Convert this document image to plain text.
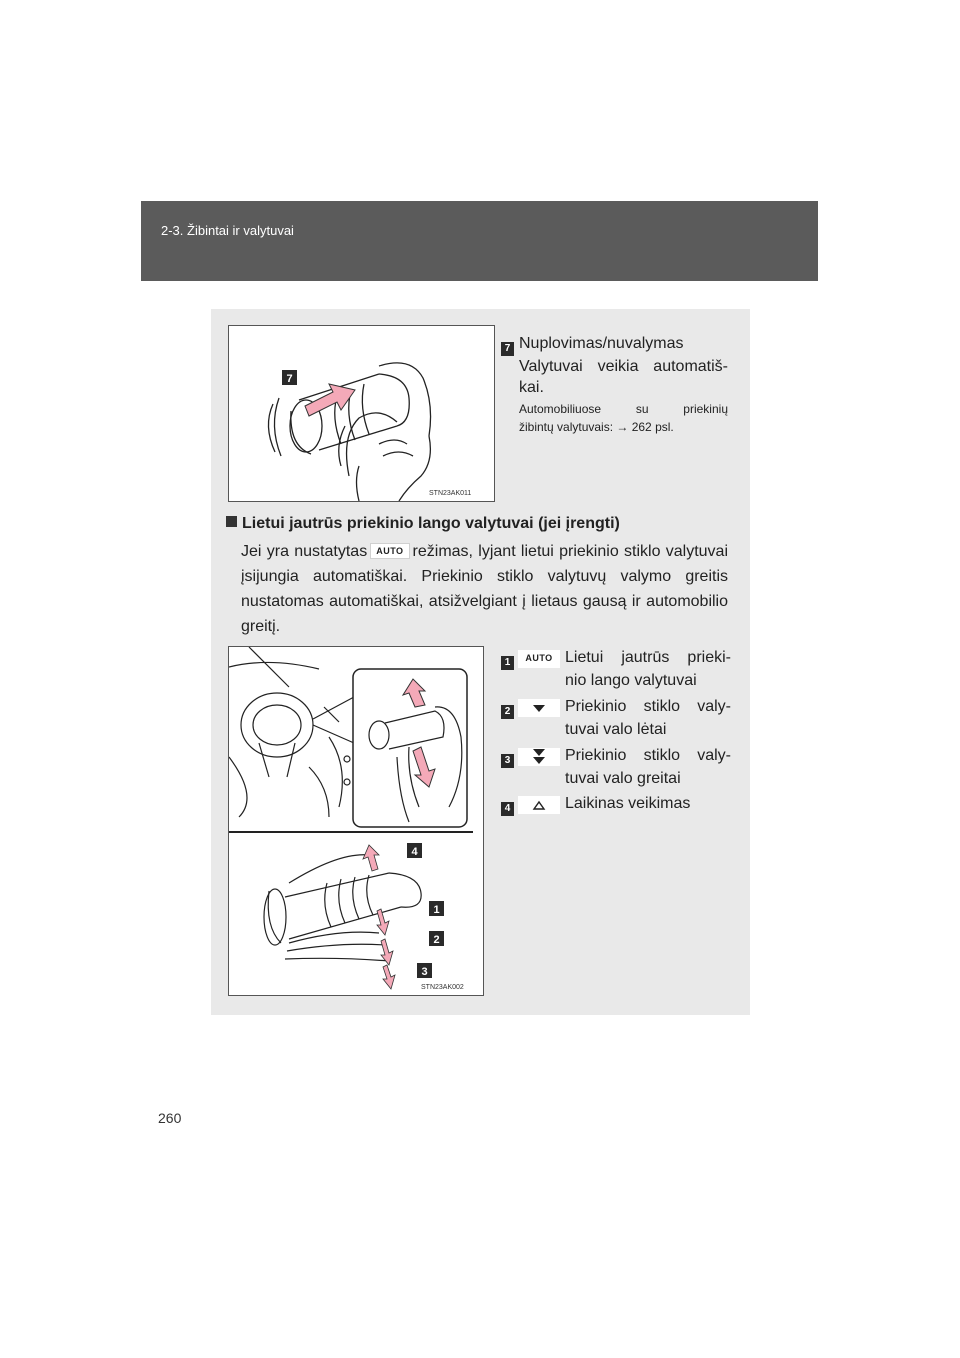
2-3. Žibintai ir valytuvai
7
STN23AK011
7 Nuplovimas/nuvalymas
Valytuvai veikia automatiš-
kai.
Automobiliuose su priekinių
žibintų valytuvais: → 262 psl.
Lietui jautrūs priekinio lango valytuvai (jei įrengti)
Jei yra nustatytas AUTO režimas, lyjant lietui priekinio stiklo valytuvai įsijungia automatiškai. Priekinio stiklo valytuvų valymo greitis nustatomas automatiškai, atsižvelgiant į lietaus gausą ir automobilio greitį.
4
1
2
3
STN23AK002
1	AUTO Lietui jautrūs prieki-
nio lango valytuvai
2	Priekinio stiklo valy-
tuvai valo lėtai
3	Priekinio stiklo valy-
tuvai valo greitai
4	Laikinas veikimas
260
